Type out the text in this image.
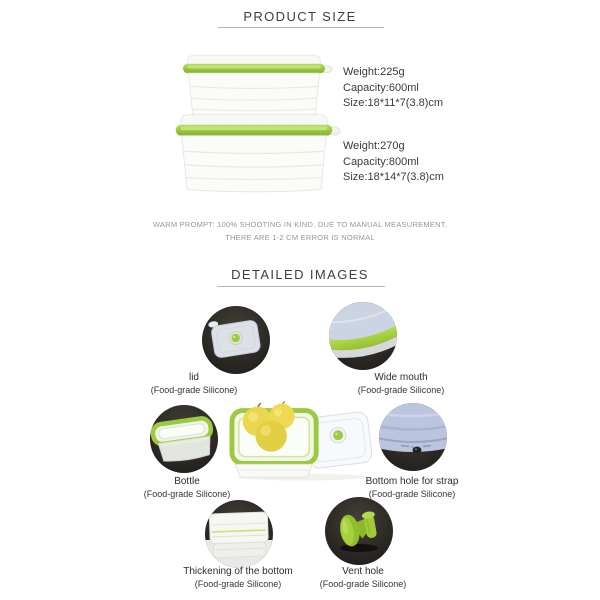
PRODUCT SIZE
Weight:225g
Capacity:600ml
Size:18*11*7(3.8)cm
Weight:270g
Capacity:800ml
Size:18*14*7(3.8)cm
WARM PROMPT: 100% SHOOTING IN KIND, DUE TO MANUAL MEASUREMENT,
THERE ARE 1-2 CM ERROR IS NORMAL
DETAILED IMAGES
lid
(Food-grade Silicone)
Wide mouth
(Food-grade Silicone)
Bottle
(Food-grade Silicone)
Bottom hole for strap
(Food-grade Silicone)
Thickening of the bottom
(Food-grade Silicone)
Vent hole
(Food-grade Silicone)
